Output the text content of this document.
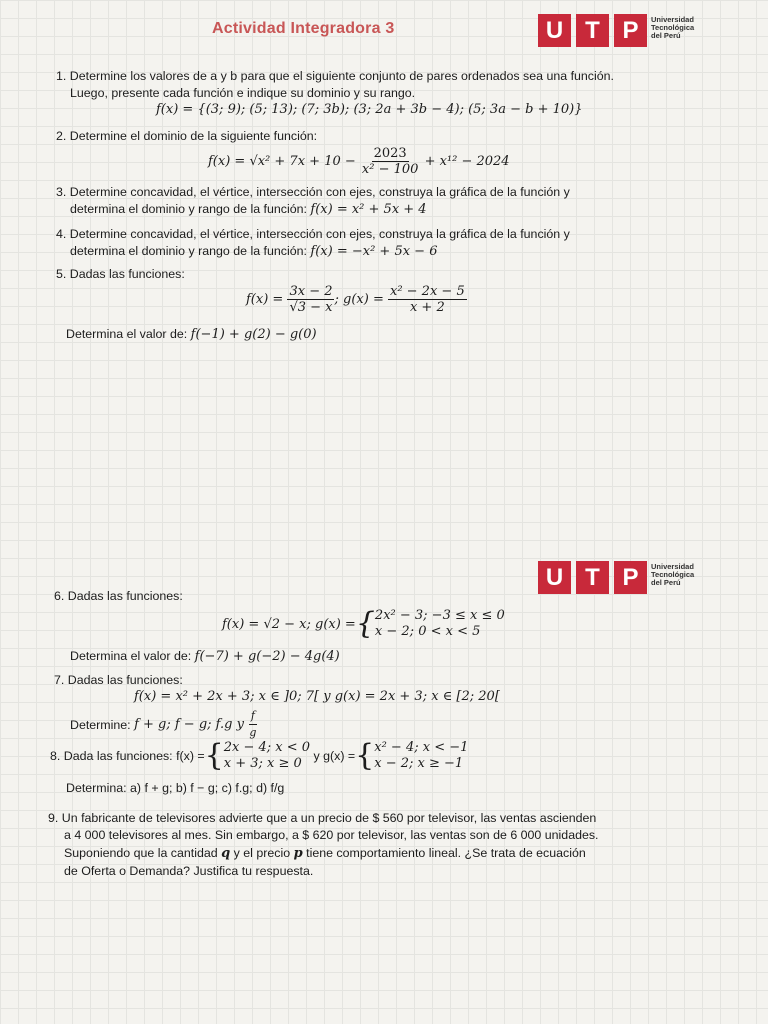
Actividad Integradora 3	U T P	Universidad
Tecnológica
del Perú
1. Determine los valores de a y b para que el siguiente conjunto de pares ordenados sea una función.
Luego, presente cada función e indique su dominio y su rango.
f(x) = {(3; 9); (5; 13); (7; 3b); (3; 2a + 3b − 4); (5; 3a − b + 10)}
2. Determine el dominio de la siguiente función:
f(x) = √x² + 7x + 10 −
$\frac{2023}{\text{x² − 100}}$
+ x¹² − 2024
3. Determine concavidad, el vértice, intersección con ejes, construya la gráfica de la función y
determina el dominio y rango de la función: f(x) = x² + 5x + 4
4. Determine concavidad, el vértice, intersección con ejes, construya la gráfica de la función y
determina el dominio y rango de la función: f(x) = −x² + 5x − 6
5. Dadas las funciones:
f(x) =
$\frac{3x - 2}{√3 - x}$ ; g(x) =
$\frac{\text{x² − 2x − 5}}{x + 2}$
Determina el valor de: f(−1) + g(2) − g(0)
U T P	Universidad
Tecnológica
del Perú
6. Dadas las funciones:
f(x) = √2 − x; g(x) = { 2x² − 3; −3 ≤ x ≤ 0
x − 2; 0 < x < 5
Determina el valor de: f(−7) + g(−2) − 4g(4)
7. Dadas las funciones:
f(x) = x² + 2x + 3; x ∈ ]0; 7[ y g(x) = 2x + 3; x ∈ [2; 20[
Determine:
f + g; f − g; f.g y
$\frac{f}{g}$
8.
Dada las funciones: f(x) = { 2x − 4; x < 0
x + 3; x ≥ 0
y g(x) = { x² − 4; x < −1
x − 2; x ≥ −1
Determina: a) f + g; b) f − g; c) f.g; d) f/g
9. Un fabricante de televisores advierte que a un precio de $ 560 por televisor, las ventas ascienden
a 4 000 televisores al mes. Sin embargo, a $ 620 por televisor, las ventas son de 6 000 unidades.
Suponiendo que la cantidad q y el precio p tiene comportamiento lineal. ¿Se trata de ecuación
de Oferta o Demanda? Justifica tu respuesta.
